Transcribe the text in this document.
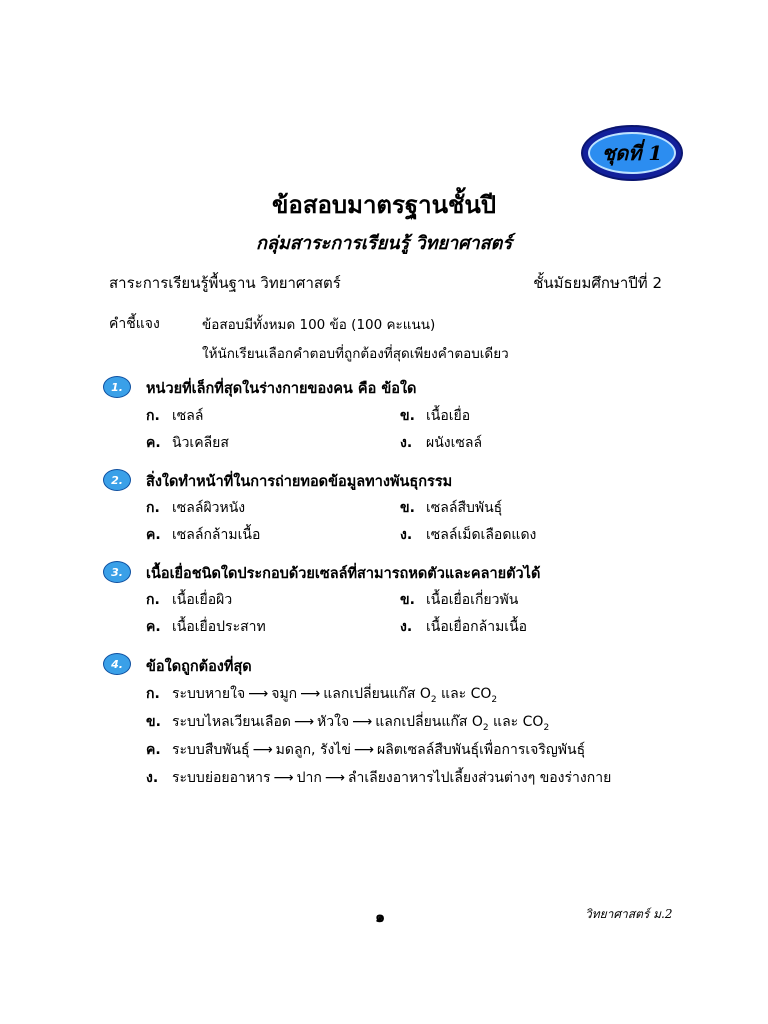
ชุดที่ 1
ข้อสอบมาตรฐานชั้นปี
กลุ่มสาระการเรียนรู้ วิทยาศาสตร์
สาระการเรียนรู้พื้นฐาน วิทยาศาสตร์	ชั้นมัธยมศึกษาปีที่ 2
คำชี้แจง	ข้อสอบมีทั้งหมด 100 ข้อ (100 คะแนน)
ให้นักเรียนเลือกคำตอบที่ถูกต้องที่สุดเพียงคำตอบเดียว
1. หน่วยที่เล็กที่สุดในร่างกายของคน คือ ข้อใด
ก. เซลล์	ข. เนื้อเยื่อ
ค. นิวเคลียส	ง. ผนังเซลล์
2. สิ่งใดทำหน้าที่ในการถ่ายทอดข้อมูลทางพันธุกรรม
ก. เซลล์ผิวหนัง	ข. เซลล์สืบพันธุ์
ค. เซลล์กล้ามเนื้อ	ง. เซลล์เม็ดเลือดแดง
3. เนื้อเยื่อชนิดใดประกอบด้วยเซลล์ที่สามารถหดตัวและคลายตัวได้
ก. เนื้อเยื่อผิว	ข. เนื้อเยื่อเกี่ยวพัน
ค. เนื้อเยื่อประสาท	ง. เนื้อเยื่อกล้ามเนื้อ
4. ข้อใดถูกต้องที่สุด
ก. ระบบหายใจ ⟶ จมูก ⟶ แลกเปลี่ยนแก๊ส $O_2$ และ $CO_2$
ข. ระบบไหลเวียนเลือด ⟶ หัวใจ ⟶ แลกเปลี่ยนแก๊ส $O_2$ และ $CO_2$
ค. ระบบสืบพันธุ์ ⟶ มดลูก, รังไข่ ⟶ ผลิตเซลล์สืบพันธุ์เพื่อการเจริญพันธุ์
ง. ระบบย่อยอาหาร ⟶ ปาก ⟶ ลำเลียงอาหารไปเลี้ยงส่วนต่างๆ ของร่างกาย
๑	วิทยาศาสตร์ ม.2
